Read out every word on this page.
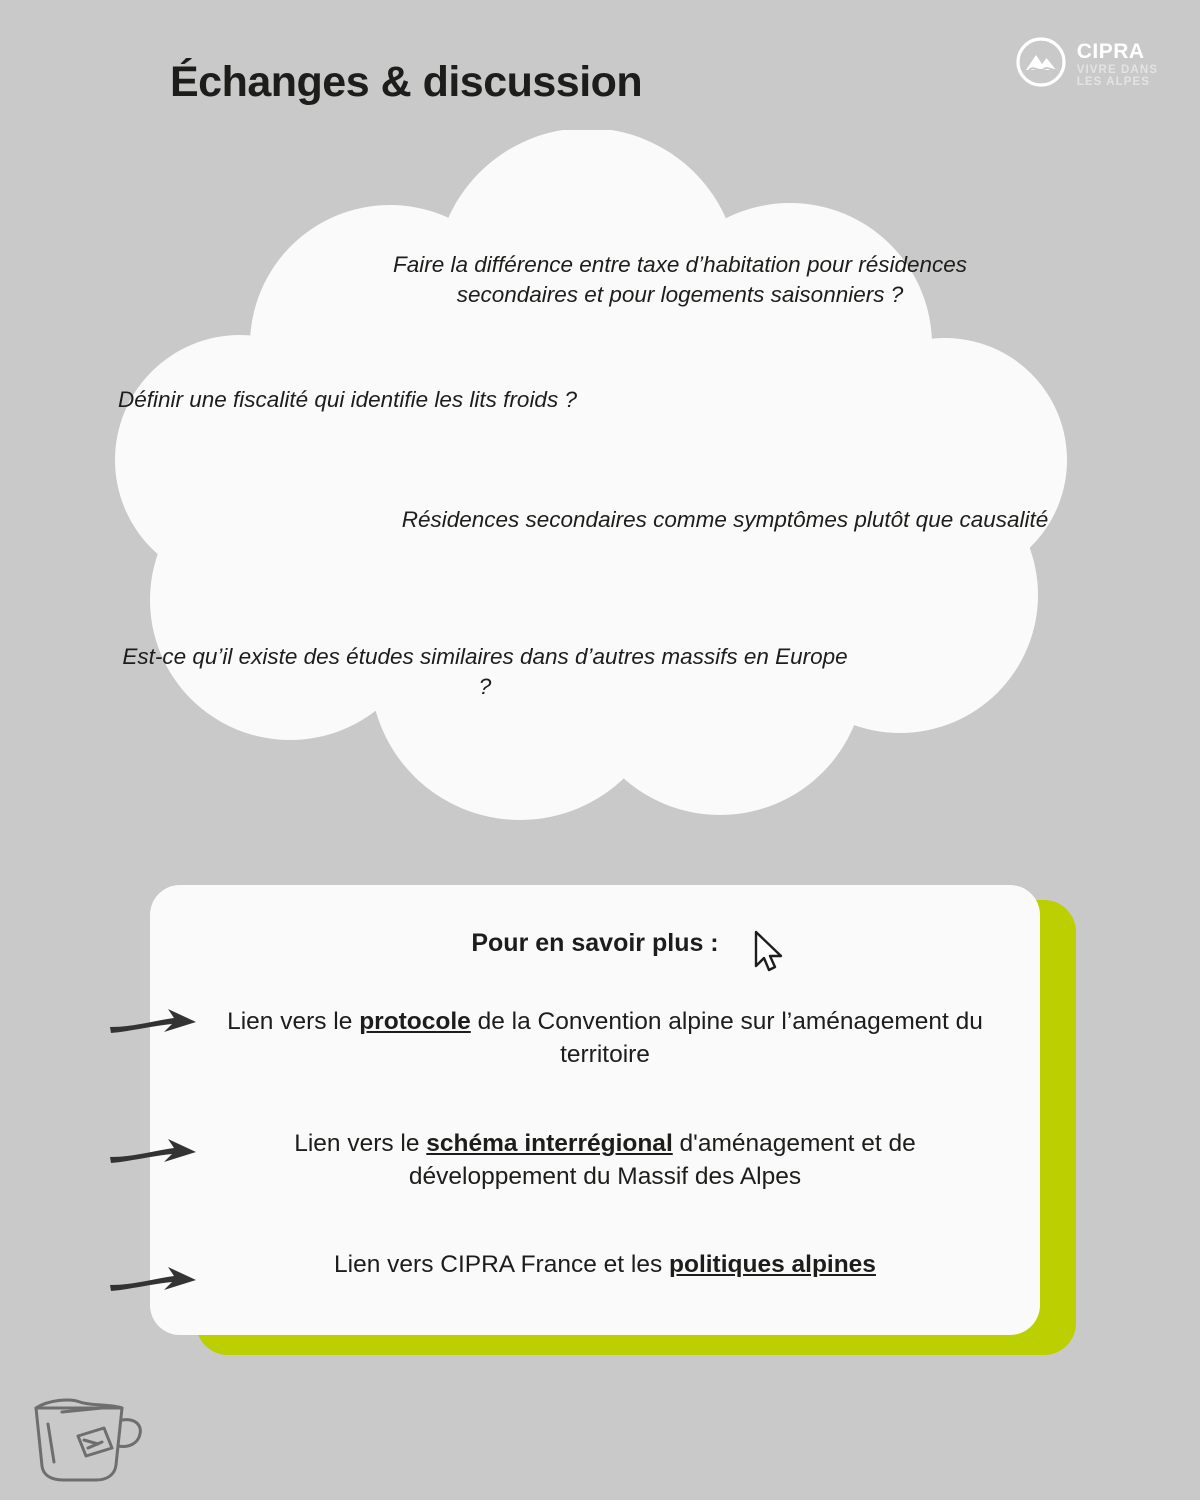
Échanges & discussion
CIPRA
VIVRE DANS
LES ALPES
Faire la différence entre taxe d’habitation pour résidences secondaires et pour logements saisonniers ?
Définir une fiscalité qui identifie les lits froids ?
Résidences secondaires comme symptômes plutôt que causalité
Est-ce qu’il existe des études similaires dans d’autres massifs en Europe ?
Pour en savoir plus :
Lien vers le protocole de la Convention alpine sur l’aménagement du territoire
Lien vers le schéma interrégional d'aménagement et de développement du Massif des Alpes
Lien vers CIPRA France et les politiques alpines
